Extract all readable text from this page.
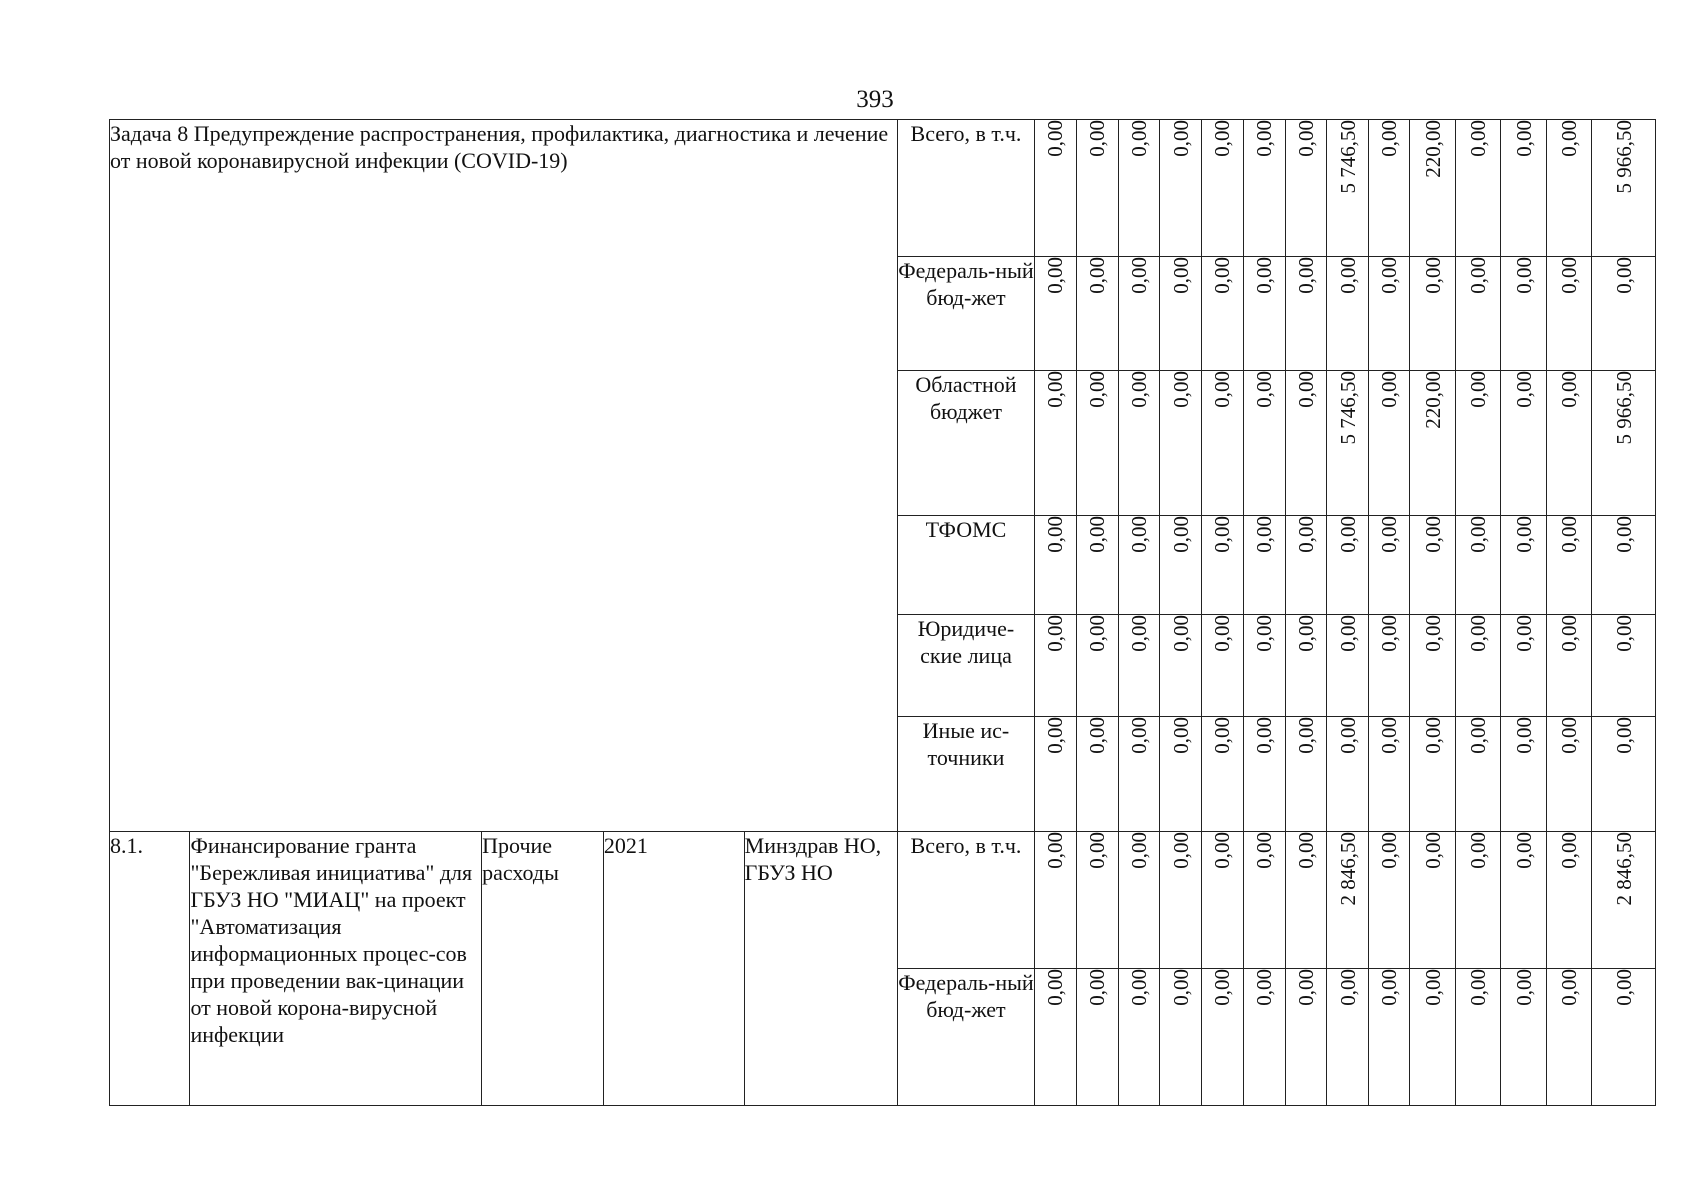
393
Задача 8 Предупреждение распространения, профилактика, диагностика и лечение от новой коронавирусной инфекции (COVID-19)					Всего, в т.ч.	0,00	0,00	0,00	0,00	0,00	0,00	0,00	5 746,50	0,00	220,00	0,00	0,00	0,00	5 966,50
					Федераль-ный бюд-жет	0,00	0,00	0,00	0,00	0,00	0,00	0,00	0,00	0,00	0,00	0,00	0,00	0,00	0,00
					Областной бюджет	0,00	0,00	0,00	0,00	0,00	0,00	0,00	5 746,50	0,00	220,00	0,00	0,00	0,00	5 966,50
					ТФОМС	0,00	0,00	0,00	0,00	0,00	0,00	0,00	0,00	0,00	0,00	0,00	0,00	0,00	0,00
					Юридиче-ские лица	0,00	0,00	0,00	0,00	0,00	0,00	0,00	0,00	0,00	0,00	0,00	0,00	0,00	0,00
					Иные ис-точники	0,00	0,00	0,00	0,00	0,00	0,00	0,00	0,00	0,00	0,00	0,00	0,00	0,00	0,00
8.1.	Финансирование гранта "Бережливая инициатива" для ГБУЗ НО "МИАЦ" на проект "Автоматизация информационных процес-сов при проведении вак-цинации от новой корона-вирусной инфекции	Прочие расходы	2021	Минздрав НО, ГБУЗ НО	Всего, в т.ч.	0,00	0,00	0,00	0,00	0,00	0,00	0,00	2 846,50	0,00	0,00	0,00	0,00	0,00	2 846,50
					Федераль-ный бюд-жет	0,00	0,00	0,00	0,00	0,00	0,00	0,00	0,00	0,00	0,00	0,00	0,00	0,00	0,00
